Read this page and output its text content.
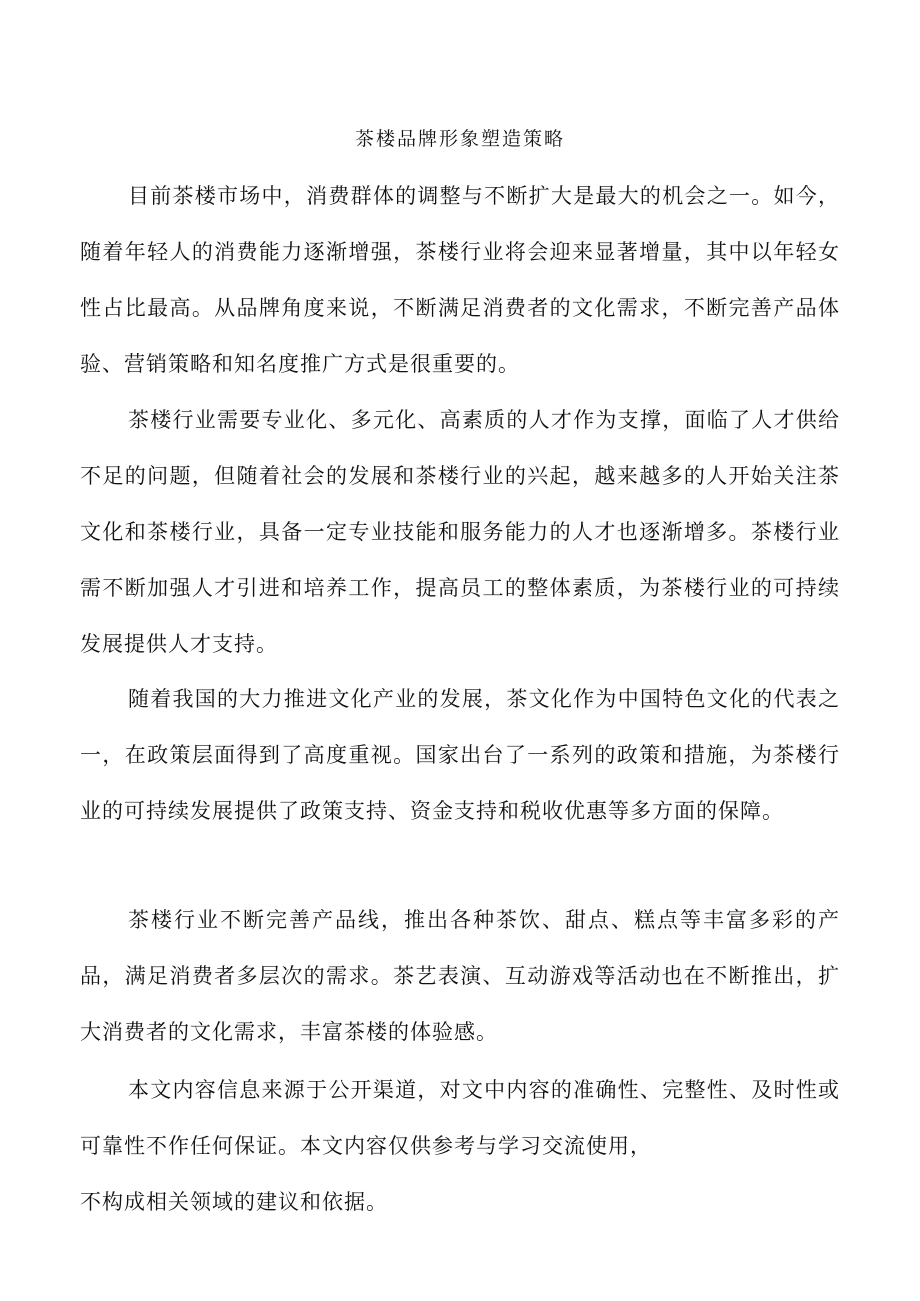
茶楼品牌形象塑造策略

目前茶楼市场中，消费群体的调整与不断扩大是最大的机会之一。如今，随着年轻人的消费能力逐渐增强，茶楼行业将会迎来显著增量，其中以年轻女性占比最高。从品牌角度来说，不断满足消费者的文化需求，不断完善产品体验、营销策略和知名度推广方式是很重要的。

茶楼行业需要专业化、多元化、高素质的人才作为支撑，面临了人才供给不足的问题，但随着社会的发展和茶楼行业的兴起，越来越多的人开始关注茶文化和茶楼行业，具备一定专业技能和服务能力的人才也逐渐增多。茶楼行业需不断加强人才引进和培养工作，提高员工的整体素质，为茶楼行业的可持续发展提供人才支持。

随着我国的大力推进文化产业的发展，茶文化作为中国特色文化的代表之一，在政策层面得到了高度重视。国家出台了一系列的政策和措施，为茶楼行业的可持续发展提供了政策支持、资金支持和税收优惠等多方面的保障。

茶楼行业不断完善产品线，推出各种茶饮、甜点、糕点等丰富多彩的产品，满足消费者多层次的需求。茶艺表演、互动游戏等活动也在不断推出，扩大消费者的文化需求，丰富茶楼的体验感。

本文内容信息来源于公开渠道，对文中内容的准确性、完整性、及时性或可靠性不作任何保证。本文内容仅供参考与学习交流使用，
不构成相关领域的建议和依据。
